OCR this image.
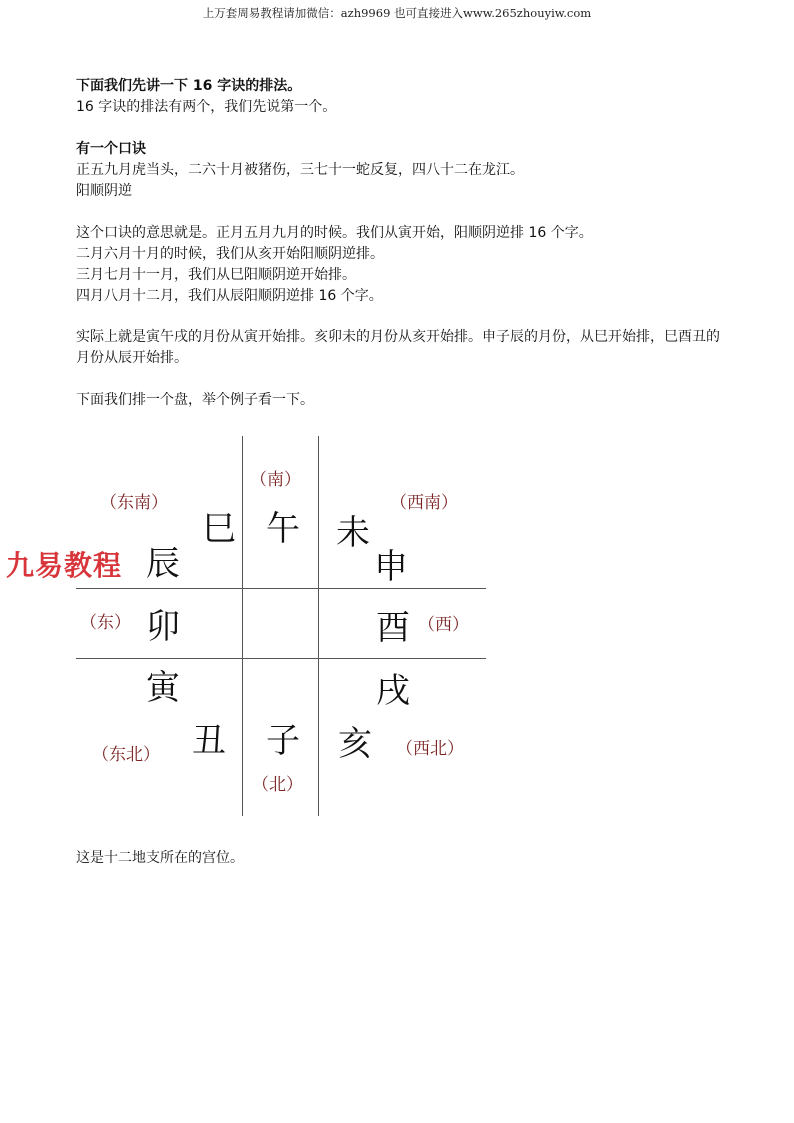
上万套周易教程请加微信：azh9969 也可直接进入www.265zhouyiw.com
下面我们先讲一下 16 字诀的排法。
16 字诀的排法有两个，我们先说第一个。
有一个口诀
正五九月虎当头，二六十月被猪伤，三七十一蛇反复，四八十二在龙江。
阳顺阴逆
这个口诀的意思就是。正月五月九月的时候。我们从寅开始，阳顺阴逆排 16 个字。
二月六月十月的时候，我们从亥开始阳顺阴逆排。
三月七月十一月，我们从巳阳顺阴逆开始排。
四月八月十二月，我们从辰阳顺阴逆排 16 个字。
实际上就是寅午戌的月份从寅开始排。亥卯未的月份从亥开始排。申子辰的月份，从巳开始排，巳酉丑的月份从辰开始排。
下面我们排一个盘，举个例子看一下。
九易教程
（东南）
（南）
（西南）
（东）	（西）
（东北）
（北）
（西北）
巳 午 未
申
辰
酉
卯
戌
寅
丑 子 亥
这是十二地支所在的宫位。
